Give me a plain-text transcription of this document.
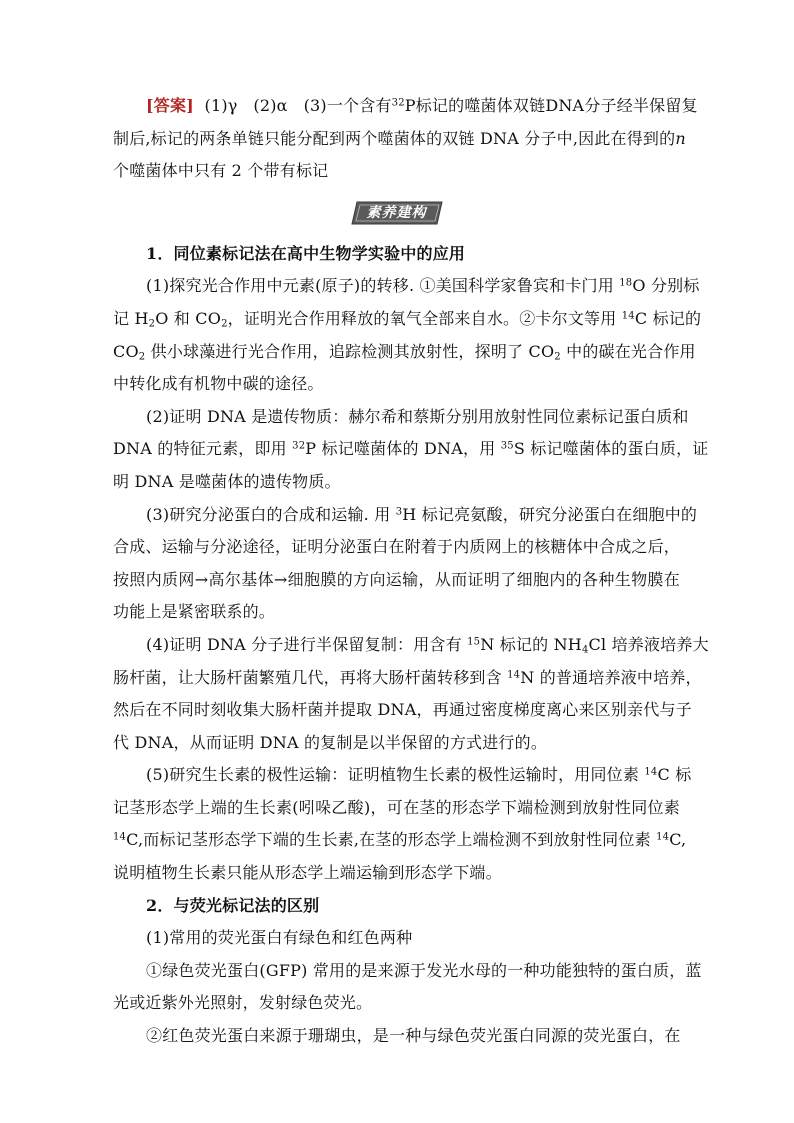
[答案] (1)γ (2)α (3)一个含有$^{32}$P标记的噬菌体双链DNA分子经半保留复
制后,标记的两条单链只能分配到两个噬菌体的双链 DNA 分子中,因此在得到的n
个噬菌体中只有 2 个带有标记
素养建构
1．同位素标记法在高中生物学实验中的应用
(1)探究光合作用中元素(原子)的转移. ①美国科学家鲁宾和卡门用 $^{18}$O 分别标
记 $H_2O$ 和 $CO_2$，证明光合作用释放的氧气全部来自水。②卡尔文等用 $^{14}$C 标记的
$CO_2$ 供小球藻进行光合作用，追踪检测其放射性，探明了 $CO_2$ 中的碳在光合作用
中转化成有机物中碳的途径。
(2)证明 DNA 是遗传物质：赫尔希和蔡斯分别用放射性同位素标记蛋白质和
DNA 的特征元素，即用 $^{32}$P 标记噬菌体的 DNA，用 $^{35}$S 标记噬菌体的蛋白质，证
明 DNA 是噬菌体的遗传物质。
(3)研究分泌蛋白的合成和运输. 用 $^3$H 标记亮氨酸，研究分泌蛋白在细胞中的
合成、运输与分泌途径，证明分泌蛋白在附着于内质网上的核糖体中合成之后，
按照内质网→高尔基体→细胞膜的方向运输，从而证明了细胞内的各种生物膜在
功能上是紧密联系的。
(4)证明 DNA 分子进行半保留复制：用含有 $^{15}$N 标记的 $NH_4Cl$ 培养液培养大
肠杆菌，让大肠杆菌繁殖几代，再将大肠杆菌转移到含 $^{14}$N 的普通培养液中培养，
然后在不同时刻收集大肠杆菌并提取 DNA，再通过密度梯度离心来区别亲代与子
代 DNA，从而证明 DNA 的复制是以半保留的方式进行的。
(5)研究生长素的极性运输：证明植物生长素的极性运输时，用同位素 $^{14}$C 标
记茎形态学上端的生长素(吲哚乙酸)，可在茎的形态学下端检测到放射性同位素
$^{14}$C,而标记茎形态学下端的生长素,在茎的形态学上端检测不到放射性同位素 $^{14}$C,
说明植物生长素只能从形态学上端运输到形态学下端。
2．与荧光标记法的区别
(1)常用的荧光蛋白有绿色和红色两种
①绿色荧光蛋白(GFP) 常用的是来源于发光水母的一种功能独特的蛋白质，蓝
光或近紫外光照射，发射绿色荧光。
②红色荧光蛋白来源于珊瑚虫，是一种与绿色荧光蛋白同源的荧光蛋白，在
